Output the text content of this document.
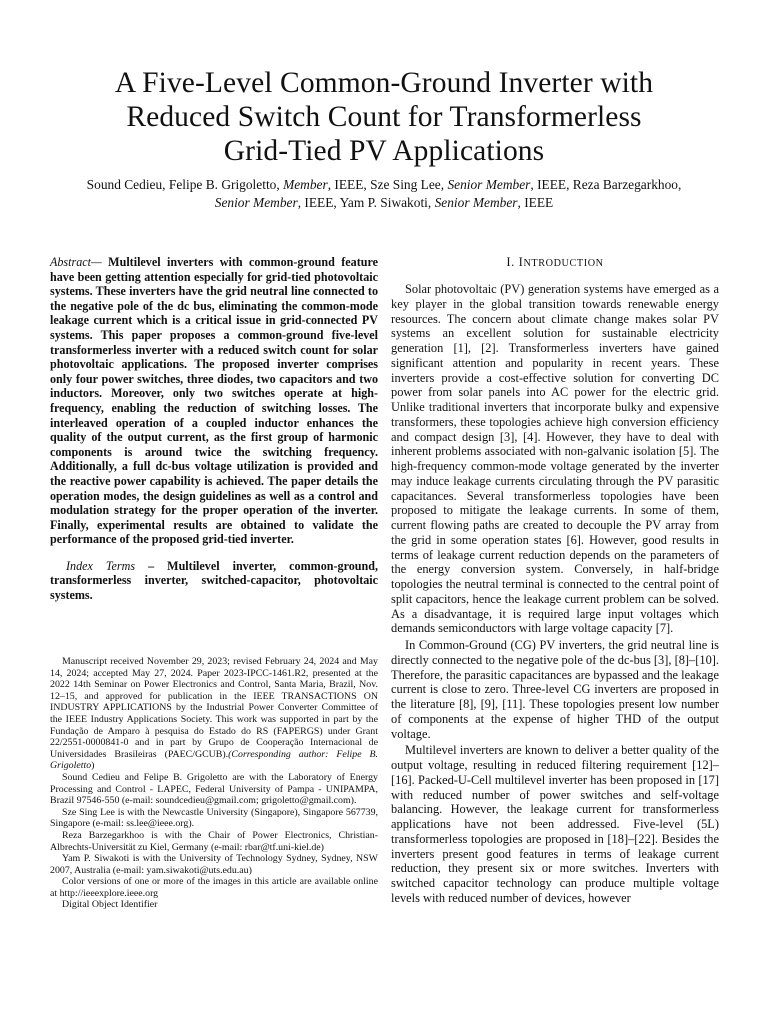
A Five-Level Common-Ground Inverter with
Reduced Switch Count for Transformerless
Grid-Tied PV Applications
Sound Cedieu, Felipe B. Grigoletto, Member, IEEE, Sze Sing Lee, Senior Member, IEEE, Reza Barzegarkhoo,
Senior Member, IEEE, Yam P. Siwakoti, Senior Member, IEEE
Abstract— Multilevel inverters with common-ground feature have been getting attention especially for grid-tied photovoltaic systems. These inverters have the grid neutral line connected to the negative pole of the dc bus, eliminating the common-mode leakage current which is a critical issue in grid-connected PV systems. This paper proposes a common-ground five-level transformerless inverter with a reduced switch count for solar photovoltaic applications. The proposed inverter comprises only four power switches, three diodes, two capacitors and two inductors. Moreover, only two switches operate at high-frequency, enabling the reduction of switching losses. The interleaved operation of a coupled inductor enhances the quality of the output current, as the first group of harmonic components is around twice the switching frequency. Additionally, a full dc-bus voltage utilization is provided and the reactive power capability is achieved. The paper details the operation modes, the design guidelines as well as a control and modulation strategy for the proper operation of the inverter. Finally, experimental results are obtained to validate the performance of the proposed grid-tied inverter.
Index Terms – Multilevel inverter, common-ground, transformerless inverter, switched-capacitor, photovoltaic systems.

Manuscript received November 29, 2023; revised February 24, 2024 and May 14, 2024; accepted May 27, 2024. Paper 2023-IPCC-1461.R2, presented at the 2022 14th Seminar on Power Electronics and Control, Santa Maria, Brazil, Nov. 12–15, and approved for publication in the IEEE TRANSACTIONS ON INDUSTRY APPLICATIONS by the Industrial Power Converter Committee of the IEEE Industry Applications Society. This work was supported in part by the Fundação de Amparo à pesquisa do Estado do RS (FAPERGS) under Grant 22/2551-0000841-0 and in part by Grupo de Cooperação Internacional de Universidades Brasileiras (PAEC/GCUB).(Corresponding author: Felipe B. Grigoletto)

Sound Cedieu and Felipe B. Grigoletto are with the Laboratory of Energy Processing and Control - LAPEC, Federal University of Pampa - UNIPAMPA, Brazil 97546-550 (e-mail: soundcedieu@gmail.com; grigoletto@gmail.com).

Sze Sing Lee is with the Newcastle University (Singapore), Singapore 567739, Singapore (e-mail: ss.lee@ieee.org).

Reza Barzegarkhoo is with the Chair of Power Electronics, Christian-Albrechts-Universität zu Kiel, Germany (e-mail: rbar@tf.uni-kiel.de)

Yam P. Siwakoti is with the University of Technology Sydney, Sydney, NSW 2007, Australia (e-mail: yam.siwakoti@uts.edu.au)

Color versions of one or more of the images in this article are available online at http://ieeexplore.ieee.org

Digital Object Identifier

I. INTRODUCTION

Solar photovoltaic (PV) generation systems have emerged as a key player in the global transition towards renewable energy resources. The concern about climate change makes solar PV systems an excellent solution for sustainable electricity generation [1], [2]. Transformerless inverters have gained significant attention and popularity in recent years. These inverters provide a cost-effective solution for converting DC power from solar panels into AC power for the electric grid. Unlike traditional inverters that incorporate bulky and expensive transformers, these topologies achieve high conversion efficiency and compact design [3], [4]. However, they have to deal with inherent problems associated with non-galvanic isolation [5]. The high-frequency common-mode voltage generated by the inverter may induce leakage currents circulating through the PV parasitic capacitances. Several transformerless topologies have been proposed to mitigate the leakage currents. In some of them, current flowing paths are created to decouple the PV array from the grid in some operation states [6]. However, good results in terms of leakage current reduction depends on the parameters of the energy conversion system. Conversely, in half-bridge topologies the neutral terminal is connected to the central point of split capacitors, hence the leakage current problem can be solved. As a disadvantage, it is required large input voltages which demands semiconductors with large voltage capacity [7].

In Common-Ground (CG) PV inverters, the grid neutral line is directly connected to the negative pole of the dc-bus [3], [8]–[10]. Therefore, the parasitic capacitances are bypassed and the leakage current is close to zero. Three-level CG inverters are proposed in the literature [8], [9], [11]. These topologies present low number of components at the expense of higher THD of the output voltage.

Multilevel inverters are known to deliver a better quality of the output voltage, resulting in reduced filtering requirement [12]–[16]. Packed-U-Cell multilevel inverter has been proposed in [17] with reduced number of power switches and self-voltage balancing. However, the leakage current for transformerless applications have not been addressed. Five-level (5L) transformerless topologies are proposed in [18]–[22]. Besides the inverters present good features in terms of leakage current reduction, they present six or more switches. Inverters with switched capacitor technology can produce multiple voltage levels with reduced number of devices, however
